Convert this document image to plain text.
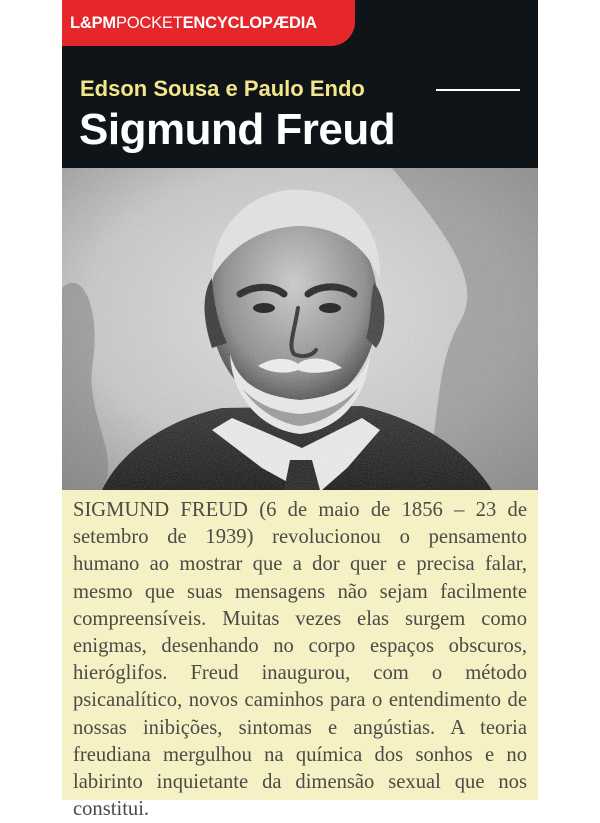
L&PMPOCKETENCYCLOPÆDIA
Edson Sousa e Paulo Endo
Sigmund Freud

SIGMUND FREUD (6 de maio de 1856 – 23 de setembro de 1939) revolucionou o pensamento humano ao mostrar que a dor quer e precisa falar, mesmo que suas mensagens não sejam facilmente compreensíveis. Muitas vezes elas surgem como enigmas, desenhando no corpo espaços obscuros, hieróglifos. Freud inaugurou, com o método psicanalítico, novos caminhos para o entendimento de nossas inibições, sintomas e angústias. A teoria freudiana mergulhou na química dos sonhos e no labirinto inquietante da dimensão sexual que nos constitui.
